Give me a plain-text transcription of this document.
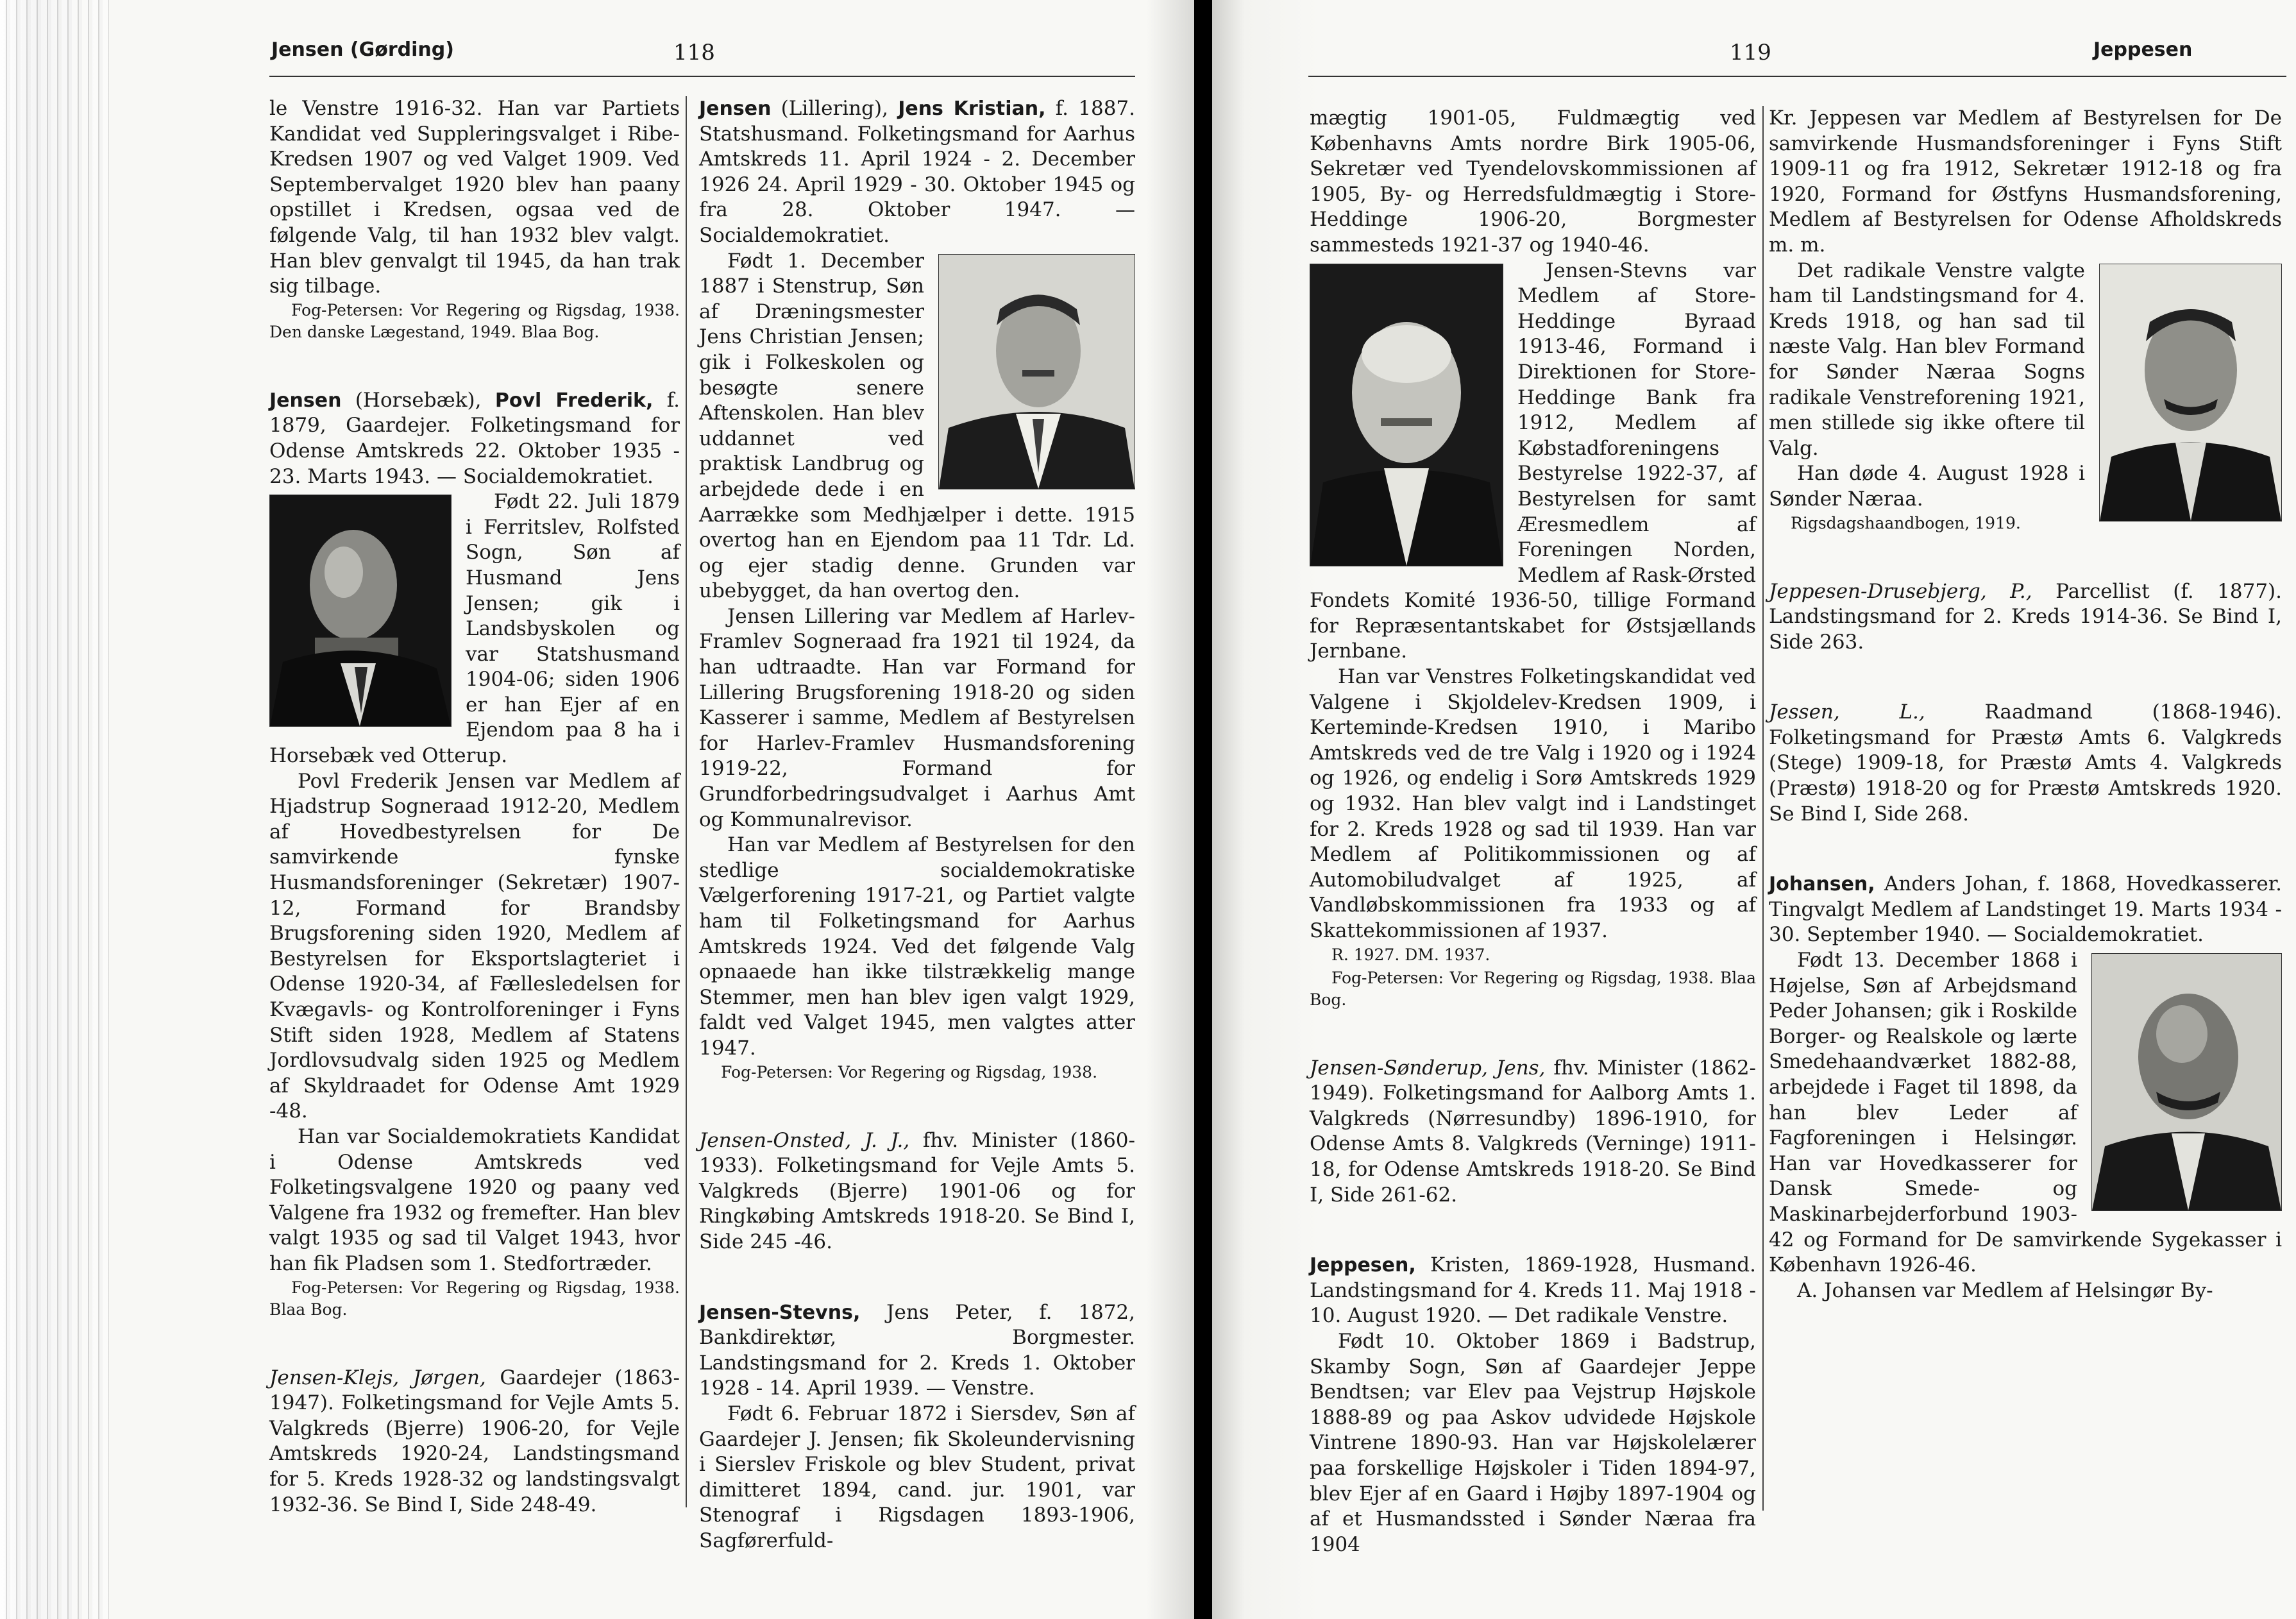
Jensen (Gørding)	118

le Venstre 1916-32. Han var Partiets Kandidat ved Suppleringsvalget i Ribe-Kredsen 1907 og ved Valget 1909. Ved Septembervalget 1920 blev han paany opstillet i Kredsen, ogsaa ved de følgende Valg, til han 1932 blev valgt. Han blev genvalgt til 1945, da han trak sig tilbage.

Fog-Petersen: Vor Regering og Rigsdag, 1938. Den danske Lægestand, 1949. Blaa Bog.

Jensen (Horsebæk), Povl Frederik, f. 1879, Gaardejer. Folketingsmand for Odense Amtskreds 22. Oktober 1935 - 23. Marts 1943. — Socialdemokratiet.

Født 22. Juli 1879 i Ferritslev, Rolfsted Sogn, Søn af Husmand Jens Jensen; gik i Landsbyskolen og var Statshusmand 1904-06; siden 1906 er han Ejer af en Ejendom paa 8 ha i Horsebæk ved Otterup.

Povl Frederik Jensen var Medlem af Hjadstrup Sogneraad 1912-20, Medlem af Hovedbestyrelsen for De samvirkende fynske Husmandsforeninger (Sekretær) 1907-12, Formand for Brandsby Brugsforening siden 1920, Medlem af Bestyrelsen for Eksportslagteriet i Odense 1920-34, af Fællesledelsen for Kvægavls- og Kontrolforeninger i Fyns Stift siden 1928, Medlem af Statens Jordlovsudvalg siden 1925 og Medlem af Skyldraadet for Odense Amt 1929 -48.

Han var Socialdemokratiets Kandidat i Odense Amtskreds ved Folketingsvalgene 1920 og paany ved Valgene fra 1932 og fremefter. Han blev valgt 1935 og sad til Valget 1943, hvor han fik Pladsen som 1. Stedfortræder.

Fog-Petersen: Vor Regering og Rigsdag, 1938. Blaa Bog.

Jensen-Klejs, Jørgen, Gaardejer (1863-1947). Folketingsmand for Vejle Amts 5. Valgkreds (Bjerre) 1906-20, for Vejle Amtskreds 1920-24, Landstingsmand for 5. Kreds 1928-32 og landstingsvalgt 1932-36. Se Bind I, Side 248-49.

Jensen (Lillering), Jens Kristian, f. 1887. Statshusmand. Folketingsmand for Aarhus Amtskreds 11. April 1924 - 2. December 1926 24. April 1929 - 30. Oktober 1945 og fra 28. Oktober 1947. — Socialdemokratiet.

Født 1. December 1887 i Stenstrup, Søn af Dræningsmester Jens Christian Jensen; gik i Folkeskolen og besøgte senere Aftenskolen. Han blev uddannet ved praktisk Landbrug og arbejdede dede i en Aarrække som Medhjælper i dette. 1915 overtog han en Ejendom paa 11 Tdr. Ld. og ejer stadig denne. Grunden var ubebygget, da han overtog den.

Jensen Lillering var Medlem af Harlev-Framlev Sogneraad fra 1921 til 1924, da han udtraadte. Han var Formand for Lillering Brugsforening 1918-20 og siden Kasserer i samme, Medlem af Bestyrelsen for Harlev-Framlev Husmandsforening 1919-22, Formand for Grundforbedringsudvalget i Aarhus Amt og Kommunalrevisor.

Han var Medlem af Bestyrelsen for den stedlige socialdemokratiske Vælgerforening 1917-21, og Partiet valgte ham til Folketingsmand for Aarhus Amtskreds 1924. Ved det følgende Valg opnaaede han ikke tilstrækkelig mange Stemmer, men han blev igen valgt 1929, faldt ved Valget 1945, men valgtes atter 1947.

Fog-Petersen: Vor Regering og Rigsdag, 1938.

Jensen-Onsted, J. J., fhv. Minister (1860-1933). Folketingsmand for Vejle Amts 5. Valgkreds (Bjerre) 1901-06 og for Ringkøbing Amtskreds 1918-20. Se Bind I, Side 245 -46.

Jensen-Stevns, Jens Peter, f. 1872, Bankdirektør, Borgmester. Landstingsmand for 2. Kreds 1. Oktober 1928 - 14. April 1939. — Venstre.

Født 6. Februar 1872 i Siersdev, Søn af Gaardejer J. Jensen; fik Skoleundervisning i Sierslev Friskole og blev Student, privat dimitteret 1894, cand. jur. 1901, var Stenograf i Rigsdagen 1893-1906, Sagførerfuld-

119	Jeppesen

mægtig 1901-05, Fuldmægtig ved Københavns Amts nordre Birk 1905-06, Sekretær ved Tyendelovskommissionen af 1905, By- og Herredsfuldmægtig i Store-Heddinge 1906-20, Borgmester sammesteds 1921-37 og 1940-46.

Jensen-Stevns var Medlem af Store-Heddinge Byraad 1913-46, Formand i Direktionen for Store-Heddinge Bank fra 1912, Medlem af Købstadforeningens Bestyrelse 1922-37, af Bestyrelsen for samt Æresmedlem af Foreningen Norden, Medlem af Rask-Ørsted Fondets Komité 1936-50, tillige Formand for Repræsentantskabet for Østsjællands Jernbane.

Han var Venstres Folketingskandidat ved Valgene i Skjoldelev-Kredsen 1909, i Kerteminde-Kredsen 1910, i Maribo Amtskreds ved de tre Valg i 1920 og i 1924 og 1926, og endelig i Sorø Amtskreds 1929 og 1932. Han blev valgt ind i Landstinget for 2. Kreds 1928 og sad til 1939. Han var Medlem af Politikommissionen og af Automobiludvalget af 1925, af Vandløbskommissionen fra 1933 og af Skattekommissionen af 1937.

R. 1927. DM. 1937.

Fog-Petersen: Vor Regering og Rigsdag, 1938. Blaa Bog.

Jensen-Sønderup, Jens, fhv. Minister (1862-1949). Folketingsmand for Aalborg Amts 1. Valgkreds (Nørresundby) 1896-1910, for Odense Amts 8. Valgkreds (Verninge) 1911-18, for Odense Amtskreds 1918-20. Se Bind I, Side 261-62.

Jeppesen, Kristen, 1869-1928, Husmand. Landstingsmand for 4. Kreds 11. Maj 1918 - 10. August 1920. — Det radikale Venstre.

Født 10. Oktober 1869 i Badstrup, Skamby Sogn, Søn af Gaardejer Jeppe Bendtsen; var Elev paa Vejstrup Højskole 1888-89 og paa Askov udvidede Højskole Vintrene 1890-93. Han var Højskolelærer paa forskellige Højskoler i Tiden 1894-97, blev Ejer af en Gaard i Højby 1897-1904 og af et Husmandssted i Sønder Næraa fra 1904

Kr. Jeppesen var Medlem af Bestyrelsen for De samvirkende Husmandsforeninger i Fyns Stift 1909-11 og fra 1912, Sekretær 1912-18 og fra 1920, Formand for Østfyns Husmandsforening, Medlem af Bestyrelsen for Odense Afholdskreds m. m.

Det radikale Venstre valgte ham til Landstingsmand for 4. Kreds 1918, og han sad til næste Valg. Han blev Formand for Sønder Næraa Sogns radikale Venstreforening 1921, men stillede sig ikke oftere til Valg.

Han døde 4. August 1928 i Sønder Næraa.

Rigsdagshaandbogen, 1919.

Jeppesen-Drusebjerg, P., Parcellist (f. 1877). Landstingsmand for 2. Kreds 1914-36. Se Bind I, Side 263.

Jessen, L., Raadmand (1868-1946). Folketingsmand for Præstø Amts 6. Valgkreds (Stege) 1909-18, for Præstø Amts 4. Valgkreds (Præstø) 1918-20 og for Præstø Amtskreds 1920. Se Bind I, Side 268.

Johansen, Anders Johan, f. 1868, Hovedkasserer. Tingvalgt Medlem af Landstinget 19. Marts 1934 - 30. September 1940. — Socialdemokratiet.

Født 13. December 1868 i Højelse, Søn af Arbejdsmand Peder Johansen; gik i Roskilde Borger- og Realskole og lærte Smedehaandværket 1882-88, arbejdede i Faget til 1898, da han blev Leder af Fagforeningen i Helsingør. Han var Hovedkasserer for Dansk Smede- og Maskinarbejderforbund 1903-42 og Formand for De samvirkende Sygekasser i København 1926-46.

A. Johansen var Medlem af Helsingør By-
